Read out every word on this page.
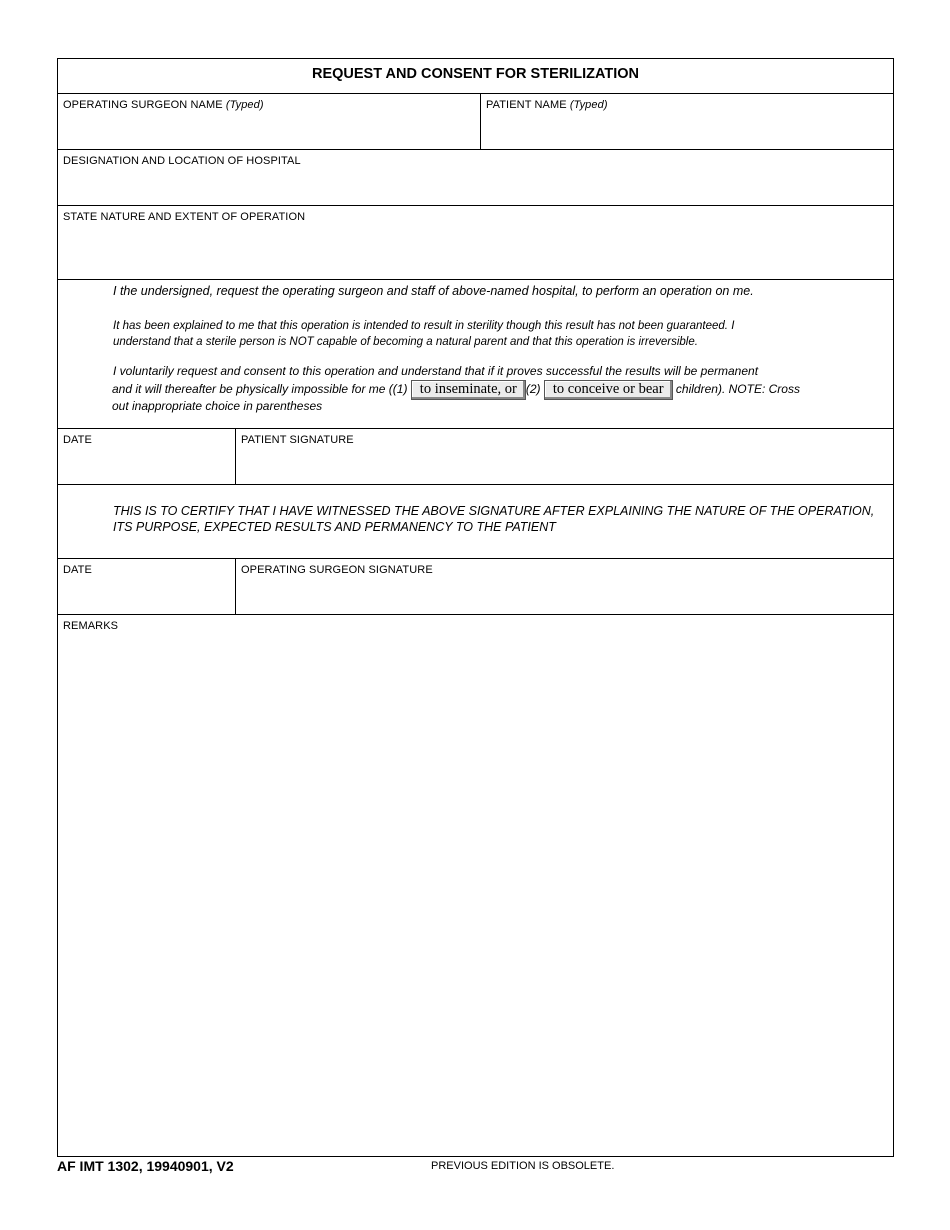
REQUEST AND CONSENT FOR STERILIZATION
OPERATING SURGEON NAME (Typed)	PATIENT NAME (Typed)
DESIGNATION AND LOCATION OF HOSPITAL
STATE NATURE AND EXTENT OF OPERATION
I the undersigned, request the operating surgeon and staff of above-named hospital, to perform an operation on me.
It has been explained to me that this operation is intended to result in sterility though this result has not been guaranteed. I
understand that a sterile person is NOT capable of becoming a natural parent and that this operation is irreversible.
I voluntarily request and consent to this operation and understand that if it proves successful the results will be permanent
and it will thereafter be physically impossible for me ((1) to inseminate, or (2) to conceive or bear children). NOTE: Cross
out inappropriate choice in parentheses
DATE	PATIENT SIGNATURE
THIS IS TO CERTIFY THAT I HAVE WITNESSED THE ABOVE SIGNATURE AFTER EXPLAINING THE NATURE OF THE OPERATION, ITS PURPOSE, EXPECTED RESULTS AND PERMANENCY TO THE PATIENT
DATE	OPERATING SURGEON SIGNATURE
REMARKS
AF IMT 1302, 19940901, V2	PREVIOUS EDITION IS OBSOLETE.
